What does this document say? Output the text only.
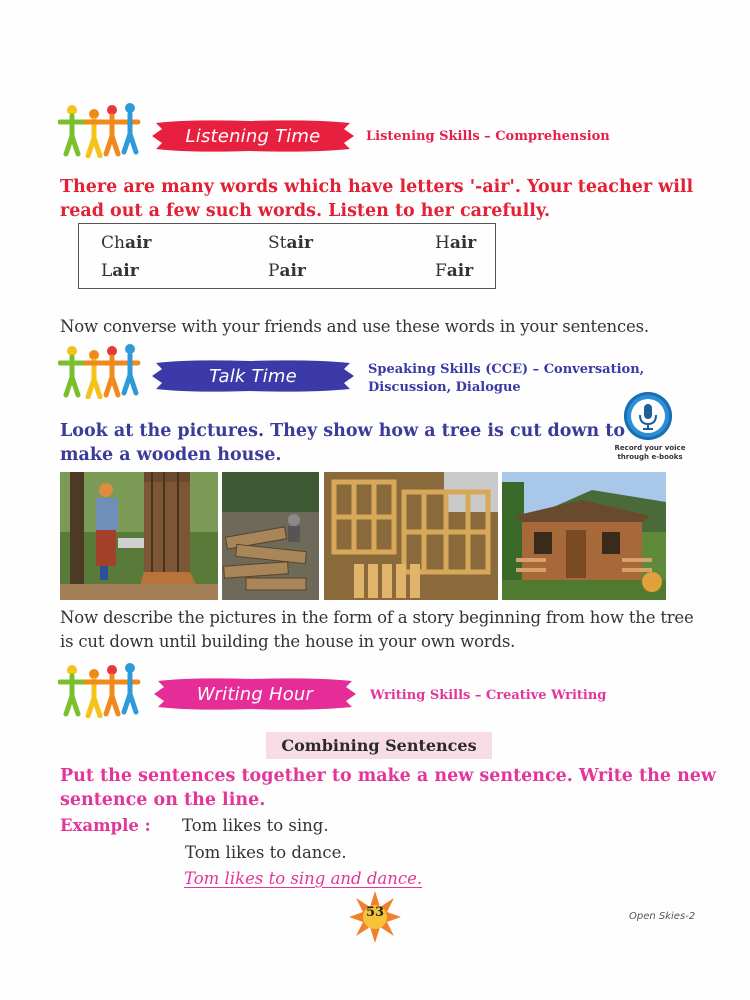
Listening Time	Listening Skills – Comprehension
There are many words which have letters '-air'. Your teacher will
read out a few such words. Listen to her carefully.
Chair	Stair	Hair
Lair	Pair	Fair
Now converse with your friends and use these words in your sentences.
Talk Time	Speaking Skills (CCE) – Conversation,
Discussion, Dialogue
Look at the pictures. They show how a tree is cut down to
make a wooden house.	Record your voice
through e-books
Now describe the pictures in the form of a story beginning from how the tree
is cut down until building the house in your own words.
Writing Hour	Writing Skills – Creative Writing
Combining Sentences
Put the sentences together to make a new sentence. Write the new
sentence on the line.
Example : Tom likes to sing.
Tom likes to dance.
Tom likes to sing and dance.
53	Open Skies-2
